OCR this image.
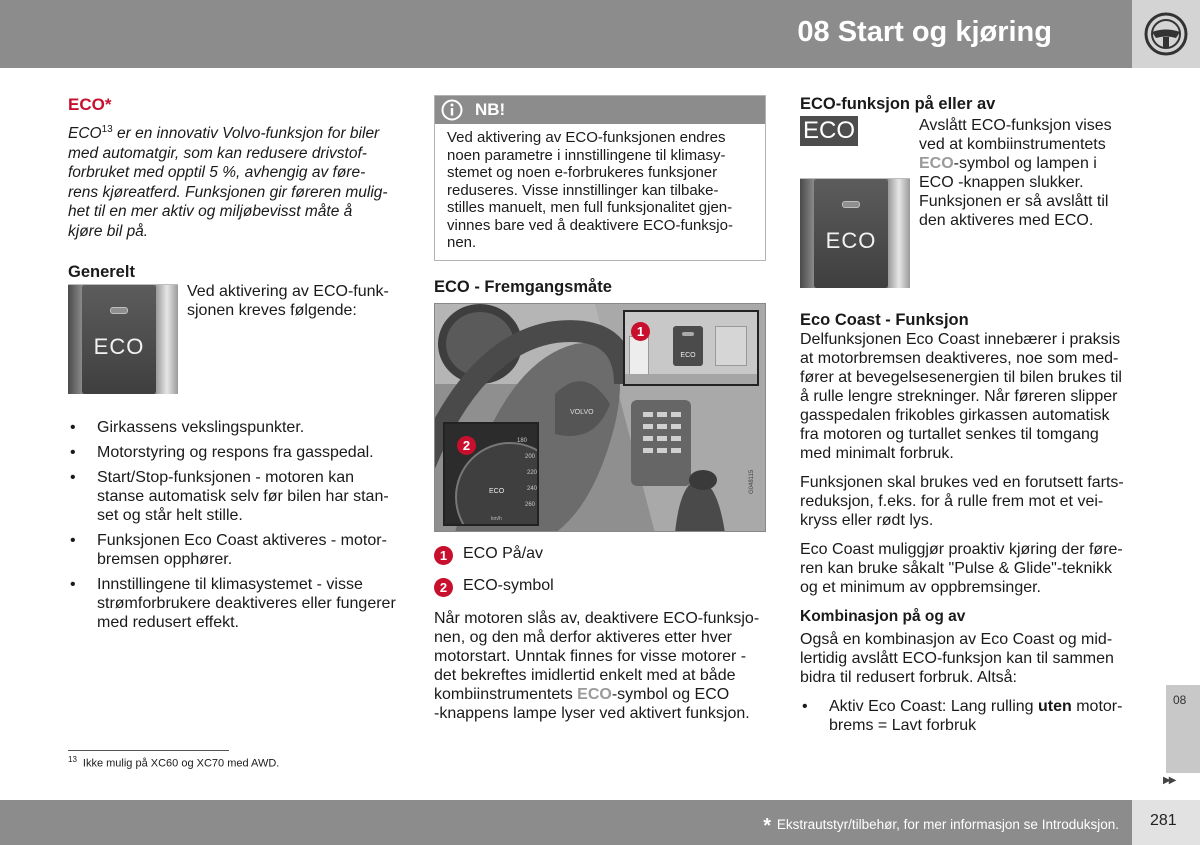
08 Start og kjøring
ECO*
ECO$^{13}$ er en innovativ Volvo-funksjon for biler
med automatgir, som kan redusere drivstof-
forbruket med opptil 5 %, avhengig av føre-
rens kjøreatferd. Funksjonen gir føreren mulig-
het til en mer aktiv og miljøbevisst måte å
kjøre bil på.
Generelt
ECO
Ved aktivering av ECO-funk-
sjonen kreves følgende:
• Girkassens vekslingspunkter.
• Motorstyring og respons fra gasspedal.
• Start/Stop-funksjonen - motoren kan
stanse automatisk selv før bilen har stan-
set og står helt stille.
• Funksjonen Eco Coast aktiveres - motor-
bremsen opphører.
• Innstillingene til klimasystemet - visse
strømforbrukere deaktiveres eller fungerer
med redusert effekt.
NB!
Ved aktivering av ECO-funksjonen endres
noen parametre i innstillingene til klimasy-
stemet og noen e-forbrukeres funksjoner
reduseres. Visse innstillinger kan tilbake-
stilles manuelt, men full funksjonalitet gjen-
vinnes bare ved å deaktivere ECO-funksjo-
nen.
ECO - Fremgangsmåte
VOLVO
ECO
1
180
200
220
240
260
ECO
km/h
2
G048115
1 ECO På/av
2 ECO-symbol
Når motoren slås av, deaktivere ECO-funksjo-
nen, og den må derfor aktiveres etter hver
motorstart. Unntak finnes for visse motorer -
det bekreftes imidlertid enkelt med at både
kombiinstrumentets ECO-symbol og ECO
-knappens lampe lyser ved aktivert funksjon.
ECO-funksjon på eller av
ECO
ECO
Avslått ECO-funksjon vises
ved at kombiinstrumentets
ECO-symbol og lampen i
ECO -knappen slukker.
Funksjonen er så avslått til
den aktiveres med ECO.
Eco Coast - Funksjon
Delfunksjonen Eco Coast innebærer i praksis
at motorbremsen deaktiveres, noe som med-
fører at bevegelsesenergien til bilen brukes til
å rulle lengre strekninger. Når føreren slipper
gasspedalen frikobles girkassen automatisk
fra motoren og turtallet senkes til tomgang
med minimalt forbruk.
Funksjonen skal brukes ved en forutsett farts-
reduksjon, f.eks. for å rulle frem mot et vei-
kryss eller rødt lys.
Eco Coast muliggjør proaktiv kjøring der føre-
ren kan bruke såkalt "Pulse & Glide"-teknikk
og et minimum av oppbremsinger.
Kombinasjon på og av
Også en kombinasjon av Eco Coast og mid-
lertidig avslått ECO-funksjon kan til sammen
bidra til redusert forbruk. Altså:
• Aktiv Eco Coast: Lang rulling uten motor-
brems = Lavt forbruk
$^{13}$ Ikke mulig på XC60 og XC70 med AWD.
08
▶▶
* Ekstrautstyr/tilbehør, for mer informasjon se Introduksjon. 281
